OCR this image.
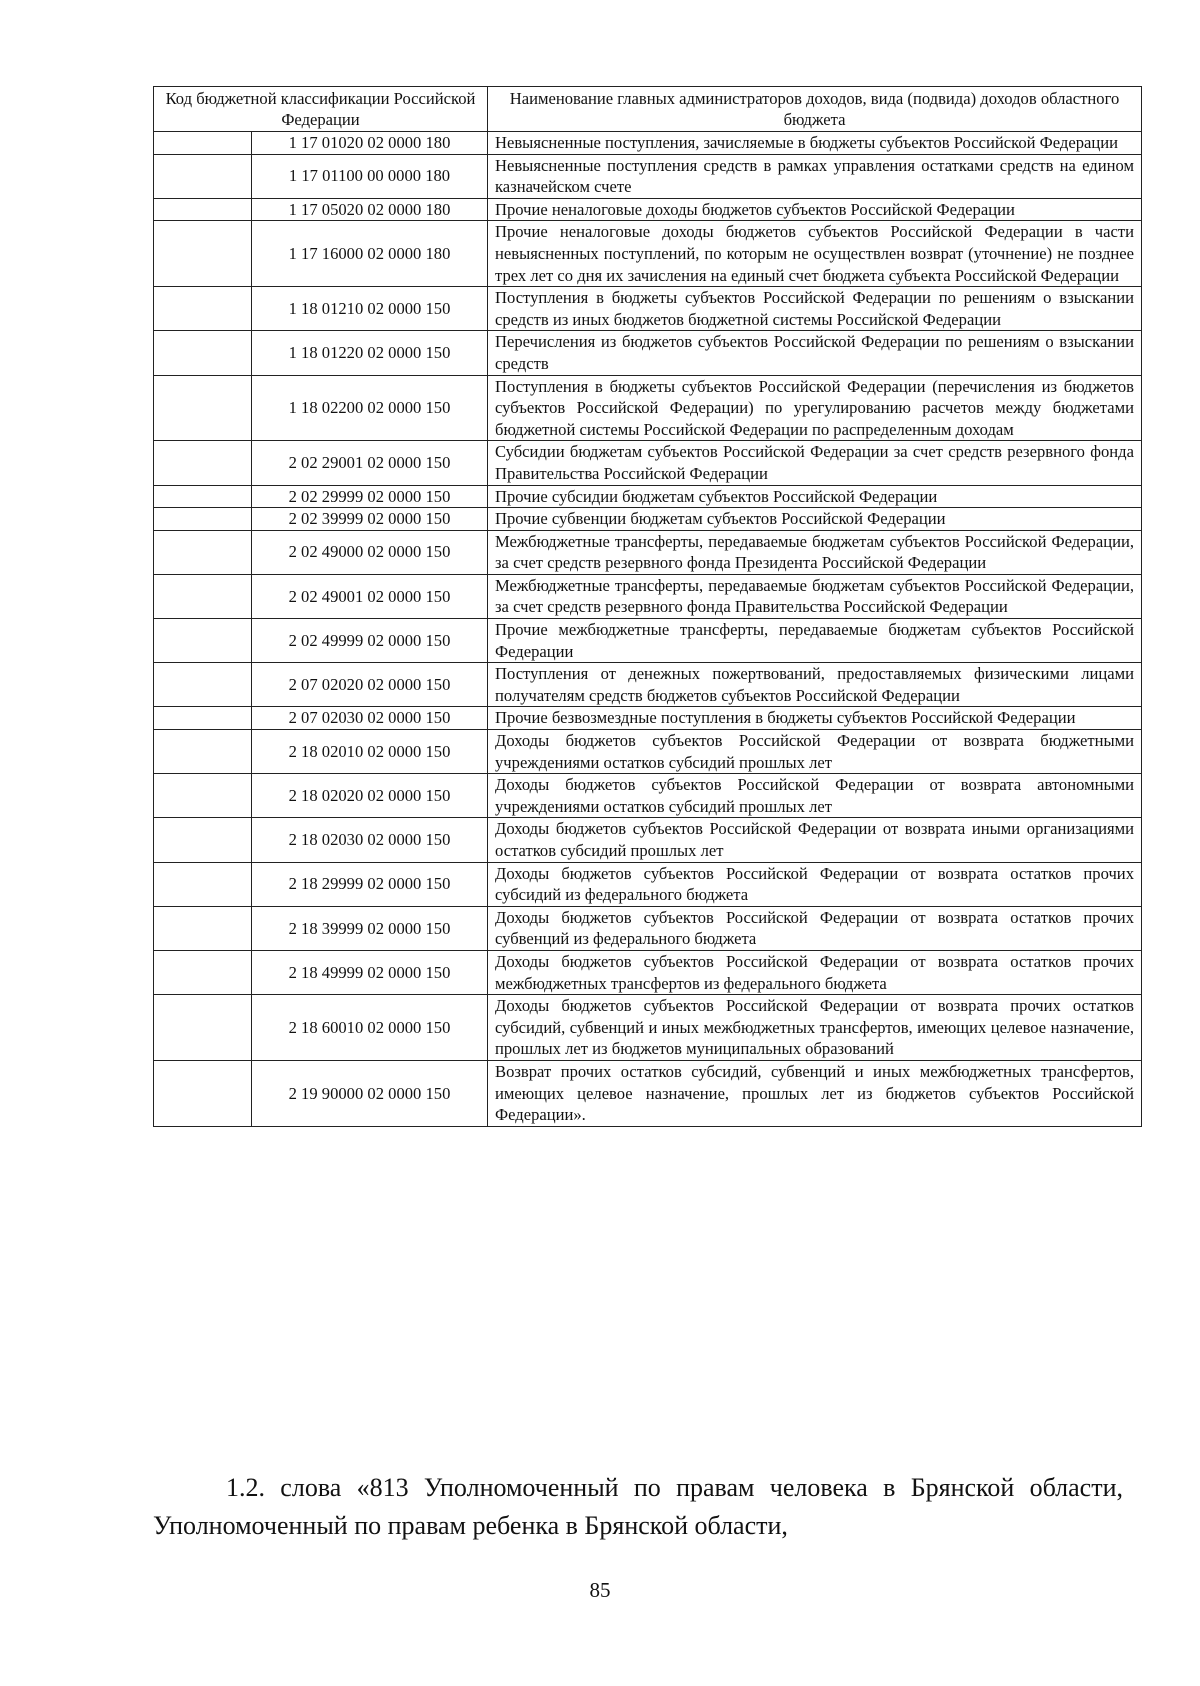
Код бюджетной классификации Российской Федерации		Наименование главных администраторов доходов, вида (подвида) доходов областного бюджета
	1 17 01020 02 0000 180	Невыясненные поступления, зачисляемые в бюджеты субъектов Российской Федерации
	1 17 01100 00 0000 180	Невыясненные поступления средств в рамках управления остатками средств на едином казначейском счете
	1 17 05020 02 0000 180	Прочие неналоговые доходы бюджетов субъектов Российской Федерации
	1 17 16000 02 0000 180	Прочие неналоговые доходы бюджетов субъектов Российской Федерации в части невыясненных поступлений, по которым не осуществлен возврат (уточнение) не позднее трех лет со дня их зачисления на единый счет бюджета субъекта Российской Федерации
	1 18 01210 02 0000 150	Поступления в бюджеты субъектов Российской Федерации по решениям о взыскании средств из иных бюджетов бюджетной системы Российской Федерации
	1 18 01220 02 0000 150	Перечисления из бюджетов субъектов Российской Федерации по решениям о взыскании средств
	1 18 02200 02 0000 150	Поступления в бюджеты субъектов Российской Федерации (перечисления из бюджетов субъектов Российской Федерации) по урегулированию расчетов между бюджетами бюджетной системы Российской Федерации по распределенным доходам
	2 02 29001 02 0000 150	Субсидии бюджетам субъектов Российской Федерации за счет средств резервного фонда Правительства Российской Федерации
	2 02 29999 02 0000 150	Прочие субсидии бюджетам субъектов Российской Федерации
	2 02 39999 02 0000 150	Прочие субвенции бюджетам субъектов Российской Федерации
	2 02 49000 02 0000 150	Межбюджетные трансферты, передаваемые бюджетам субъектов Российской Федерации, за счет средств резервного фонда Президента Российской Федерации
	2 02 49001 02 0000 150	Межбюджетные трансферты, передаваемые бюджетам субъектов Российской Федерации, за счет средств резервного фонда Правительства Российской Федерации
	2 02 49999 02 0000 150	Прочие межбюджетные трансферты, передаваемые бюджетам субъектов Российской Федерации
	2 07 02020 02 0000 150	Поступления от денежных пожертвований, предоставляемых физическими лицами получателям средств бюджетов субъектов Российской Федерации
	2 07 02030 02 0000 150	Прочие безвозмездные поступления в бюджеты субъектов Российской Федерации
	2 18 02010 02 0000 150	Доходы бюджетов субъектов Российской Федерации от возврата бюджетными учреждениями остатков субсидий прошлых лет
	2 18 02020 02 0000 150	Доходы бюджетов субъектов Российской Федерации от возврата автономными учреждениями остатков субсидий прошлых лет
	2 18 02030 02 0000 150	Доходы бюджетов субъектов Российской Федерации от возврата иными организациями остатков субсидий прошлых лет
	2 18 29999 02 0000 150	Доходы бюджетов субъектов Российской Федерации от возврата остатков прочих субсидий из федерального бюджета
	2 18 39999 02 0000 150	Доходы бюджетов субъектов Российской Федерации от возврата остатков прочих субвенций из федерального бюджета
	2 18 49999 02 0000 150	Доходы бюджетов субъектов Российской Федерации от возврата остатков прочих межбюджетных трансфертов из федерального бюджета
	2 18 60010 02 0000 150	Доходы бюджетов субъектов Российской Федерации от возврата прочих остатков субсидий, субвенций и иных межбюджетных трансфертов, имеющих целевое назначение, прошлых лет из бюджетов муниципальных образований
	2 19 90000 02 0000 150	Возврат прочих остатков субсидий, субвенций и иных межбюджетных трансфертов, имеющих целевое назначение, прошлых лет из бюджетов субъектов Российской Федерации».

1.2. слова «813 Уполномоченный по правам человека в Брянской области, Уполномоченный по правам ребенка в Брянской области,

85
